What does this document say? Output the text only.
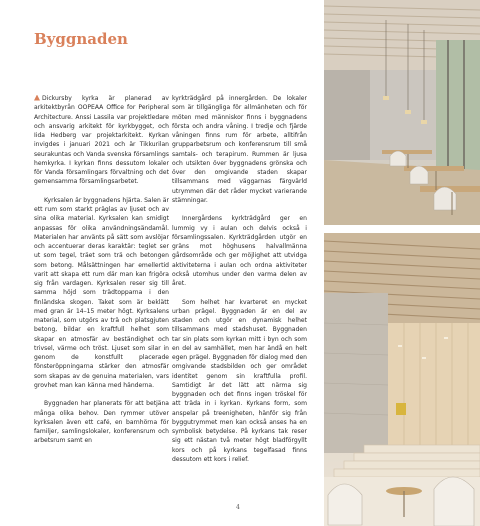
Byggnaden

Dickursby kyrka är planerad av arkitektbyrån OOPEAA Office for Peripheral Architecture. Anssi Lassila var projektledare och ansvarig arkitekt för kyrkbygget, och Iida Hedberg var projektarkitekt. Kyrkan invigdes i januari 2021 och är Tikkurilan seurakuntas och Vanda svenska församlings hemkyrka. I kyrkan finns dessutom lokaler för Vanda församlingars förvaltning och det gemensamma församlingsarbetet.

Kyrksalen är byggnadens hjärta. Salen är ett rum som starkt präglas av ljuset och av sina olika material. Kyrksalen kan smidigt anpassas för olika användningsändamål. Materialen har använts på sätt som avslöjar och accentuerar deras karaktär: teglet ser ut som tegel, träet som trä och betongen som betong. Målsättningen har emellertid varit att skapa ett rum där man kan frigöra sig från vardagen. Kyrksalen reser sig till samma höjd som trädtopparna i den finländska skogen. Taket som är beklätt med gran är 14–15 meter högt. Kyrksalens material, som utgörs av trä och platsgjuten betong, bildar en kraftfull helhet som skapar en atmosfär av beständighet och trivsel, värme och tröst. Ljuset som silar in genom de konstfullt placerade fönsteröppningarna stärker den atmosfär som skapas av de genuina materialen, vars grovhet man kan känna med händerna.

Byggnaden har planerats för att betjäna många olika behov. Den rymmer utöver kyrksalen även ett café, en barnhörna för familjer, samlingslokaler, konferensrum och arbetsrum samt en

kyrkträdgård på innergården. De lokaler som är tillgängliga för allmänheten och för möten med människor finns i byggnadens första och andra våning. I tredje och fjärde våningen finns rum för arbete, alltifrån grupparbetsrum och konferensrum till små samtals- och terapirum. Rummen är ljusa och utsikten över byggnadens grönska och över den omgivande staden skapar tillsammans med väggarnas färgvärld utrymmen där det råder mycket varierande stämningar.

Innergårdens kyrkträdgård ger en lummig vy i aulan och delvis också i församlingssalen. Kyrkträdgården utgör en gräns mot höghusens halvallmänna gårdsområde och ger möjlighet att utvidga aktiviteterna i aulan och ordna aktiviteter också utomhus under den varma delen av året.

Som helhet har kvarteret en mycket urban prägel. Byggnaden är en del av staden och utgör en dynamisk helhet tillsammans med stadshuset. Byggnaden tar sin plats som kyrkan mitt i byn och som en del av samhället, men har ändå en helt egen prägel. Byggnaden för dialog med den omgivande stadsbilden och ger området identitet genom sin kraftfulla profil. Samtidigt är det lätt att närma sig byggnaden och det finns ingen tröskel för att träda in i kyrkan. Kyrkans form, som anspelar på treenigheten, hänför sig från byggutrymmet men kan också anses ha en symbolisk betydelse. På kyrkans tak reser sig ett nästan två meter högt bladförgyllt kors och på kyrkans tegelfasad finns dessutom ett kors i relief.

4
